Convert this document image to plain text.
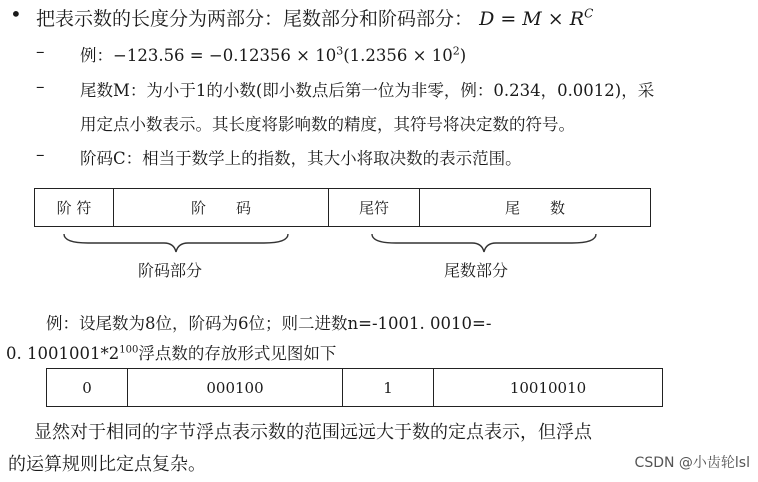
• 把表示数的长度分为两部分：尾数部分和阶码部分： $D = M \times R^C$
– 例：$-123.56 = -0.12356 \times 10^3(1.2356 \times 10^2)$
– 尾数M：为小于1的小数(即小数点后第一位为非零，例：0.234，0.0012)，采
用定点小数表示。其长度将影响数的精度，其符号将决定数的符号。
– 阶码C：相当于数学上的指数，其大小将取决数的表示范围。
阶 符	阶　　码	尾符	尾　　数
阶码部分	尾数部分
例：设尾数为8位，阶码为6位；则二进数n=-1001. 0010=-
0. $1001001*2^{100}$浮点数的存放形式见图如下
0	000100	1	10010010
显然对于相同的字节浮点表示数的范围远远大于数的定点表示，但浮点
的运算规则比定点复杂。	CSDN @小齿轮lsl
